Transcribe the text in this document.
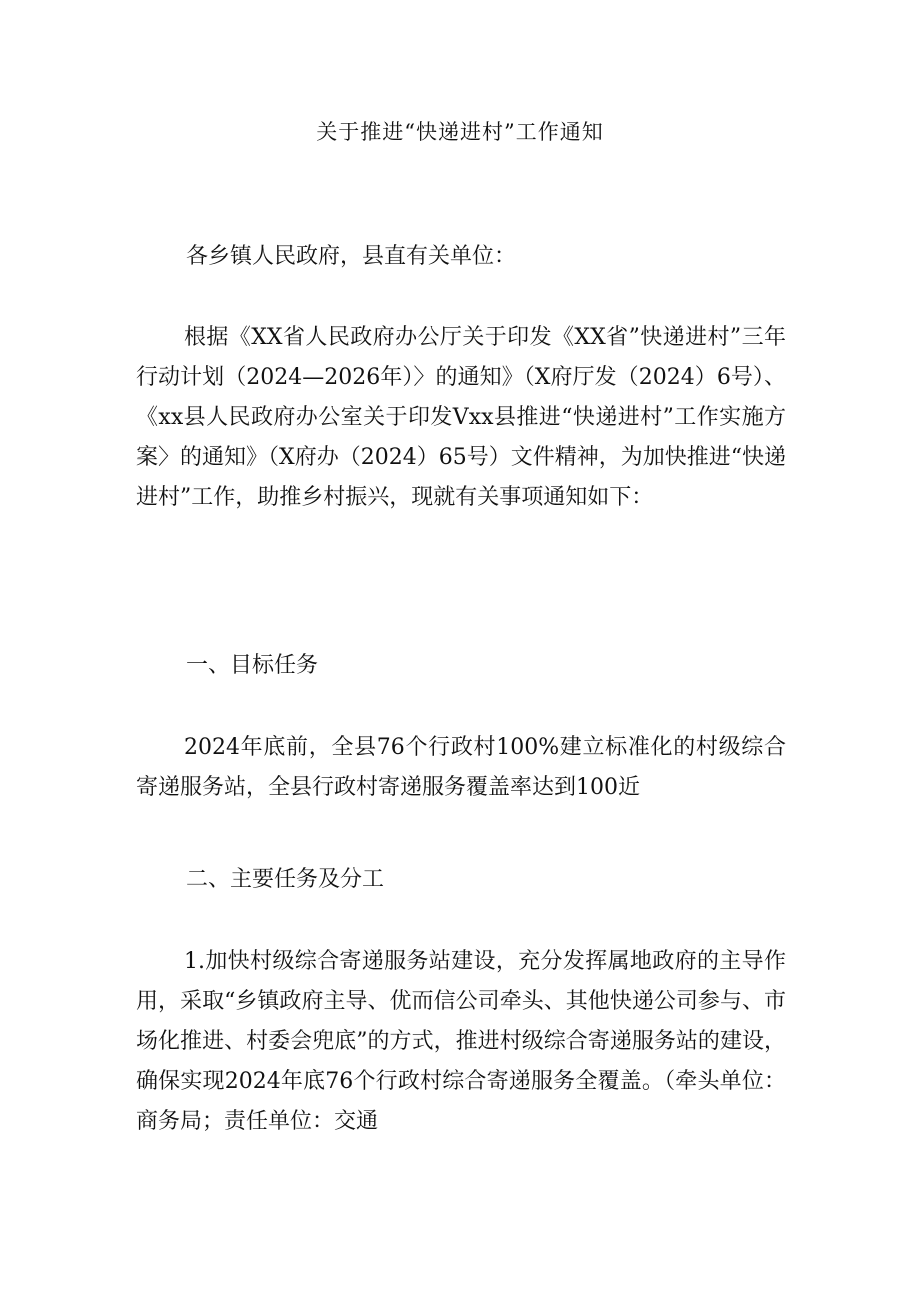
关于推进“快递进村”工作通知

各乡镇人民政府，县直有关单位：

根据《XX省人民政府办公厅关于印发《XX省”快递进村”三年行动计划（2024—2026年）〉的通知》（X府厅发（2024）6号）、《xx县人民政府办公室关于印发Vxx县推进“快递进村”工作实施方案〉的通知》（X府办（2024）65号）文件精神，为加快推进“快递进村”工作，助推乡村振兴，现就有关事项通知如下：

一、目标任务

2024年底前，全县76个行政村100%建立标准化的村级综合寄递服务站，全县行政村寄递服务覆盖率达到100近

二、主要任务及分工

1.加快村级综合寄递服务站建设，充分发挥属地政府的主导作用，采取“乡镇政府主导、优而信公司牵头、其他快递公司参与、市场化推进、村委会兜底”的方式，推进村级综合寄递服务站的建设，确保实现2024年底76个行政村综合寄递服务全覆盖。（牵头单位：商务局；责任单位：交通
